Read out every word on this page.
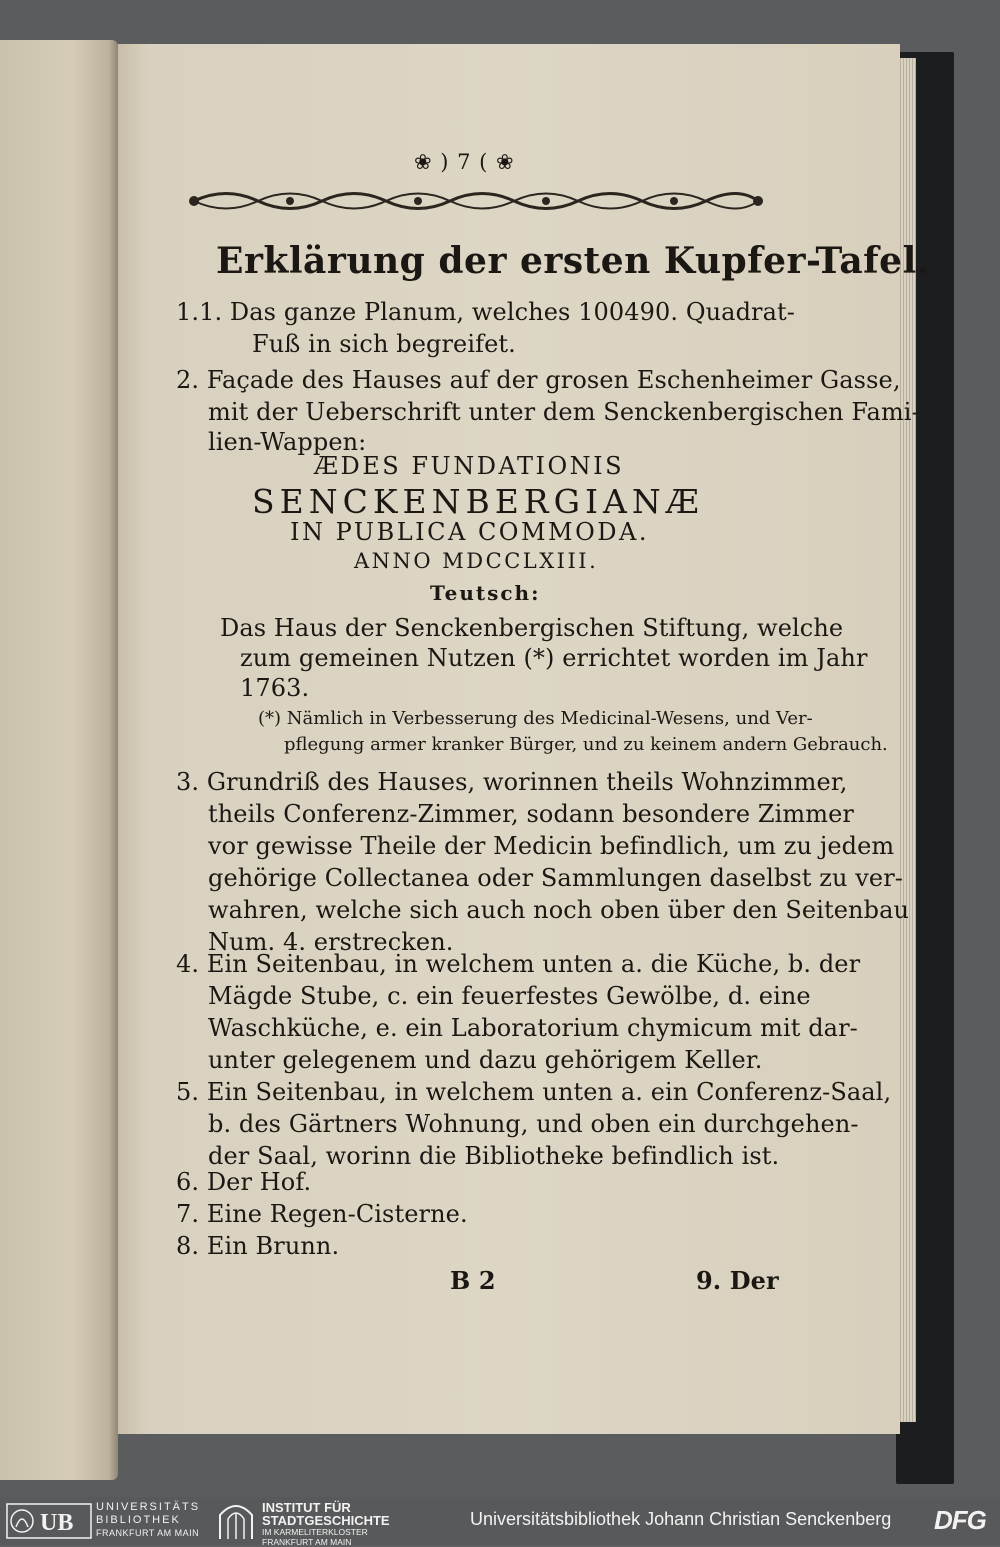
❀ ) 7 ( ❀

Erklärung der ersten Kupfer-Tafel.

1.1. Das ganze Planum, welches 100490. Quadrat-

Fuß in sich begreifet.

2. Façade des Hauses auf der grosen Eschenheimer Gasse,

mit der Ueberschrift unter dem Senckenbergischen Fami-

lien-Wappen:

ÆDES FUNDATIONIS

SENCKENBERGIANÆ

IN PUBLICA COMMODA.

ANNO MDCCLXIII.

Teutsch:

Das Haus der Senckenbergischen Stiftung, welche

zum gemeinen Nutzen (*) errichtet worden im Jahr

1763.

(*) Nämlich in Verbesserung des Medicinal-Wesens, und Ver-

pflegung armer kranker Bürger, und zu keinem andern Gebrauch.

3. Grundriß des Hauses, worinnen theils Wohnzimmer,

theils Conferenz-Zimmer, sodann besondere Zimmer

vor gewisse Theile der Medicin befindlich, um zu jedem

gehörige Collectanea oder Sammlungen daselbst zu ver-

wahren, welche sich auch noch oben über den Seitenbau

Num. 4. erstrecken.

4. Ein Seitenbau, in welchem unten a. die Küche, b. der

Mägde Stube, c. ein feuerfestes Gewölbe, d. eine

Waschküche, e. ein Laboratorium chymicum mit dar-

unter gelegenem und dazu gehörigem Keller.

5. Ein Seitenbau, in welchem unten a. ein Conferenz-Saal,

b. des Gärtners Wohnung, und oben ein durchgehen-

der Saal, worinn die Bibliotheke befindlich ist.

6. Der Hof.

7. Eine Regen-Cisterne.

8. Ein Brunn.

B 2	9. Der

UB
UNIVERSITÄTS
BIBLIOTHEK
FRANKFURT AM MAIN
INSTITUT FÜR
STADTGESCHICHTE
IM KARMELITERKLOSTER
FRANKFURT AM MAIN
Universitätsbibliothek Johann Christian Senckenberg DFG
